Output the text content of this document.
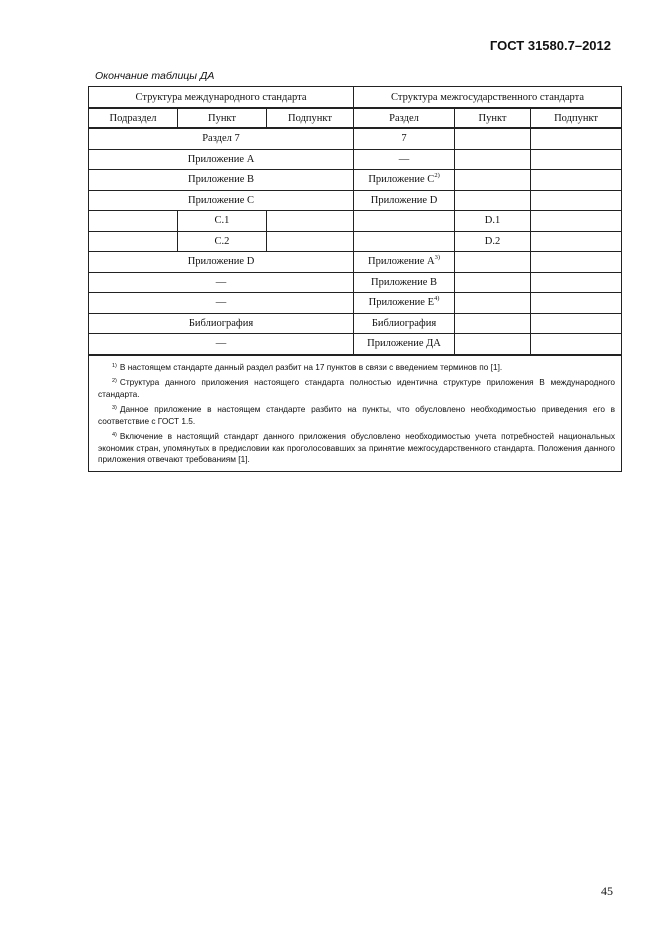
ГОСТ 31580.7–2012
Окончание таблицы ДА
Структура международного стандарта			Структура межгосударственного стандарта		
Подраздел	Пункт	Подпункт	Раздел	Пункт	Подпункт
Раздел 7			7		
Приложение A			—		
Приложение B			Приложение $C^{2)}$		
Приложение C			Приложение D		
	C.1			D.1	
	C.2			D.2	
Приложение D			Приложение $A^{3)}$		
—			Приложение B		
—			Приложение $E^{4)}$		
Библиография			Библиография		
—			Приложение ДА		

$^{1)}$ В настоящем стандарте данный раздел разбит на 17 пунктов в связи с введением терминов по [1].
$^{2)}$ Структура данного приложения настоящего стандарта полностью идентична структуре приложения B международного стандарта.
$^{3)}$ Данное приложение в настоящем стандарте разбито на пункты, что обусловлено необходимостью приведения его в соответствие с ГОСТ 1.5.
$^{4)}$ Включение в настоящий стандарт данного приложения обусловлено необходимостью учета потребностей национальных экономик стран, упомянутых в предисловии как проголосовавших за принятие межгосударственного стандарта. Положения данного приложения отвечают требованиям [1].					
45
